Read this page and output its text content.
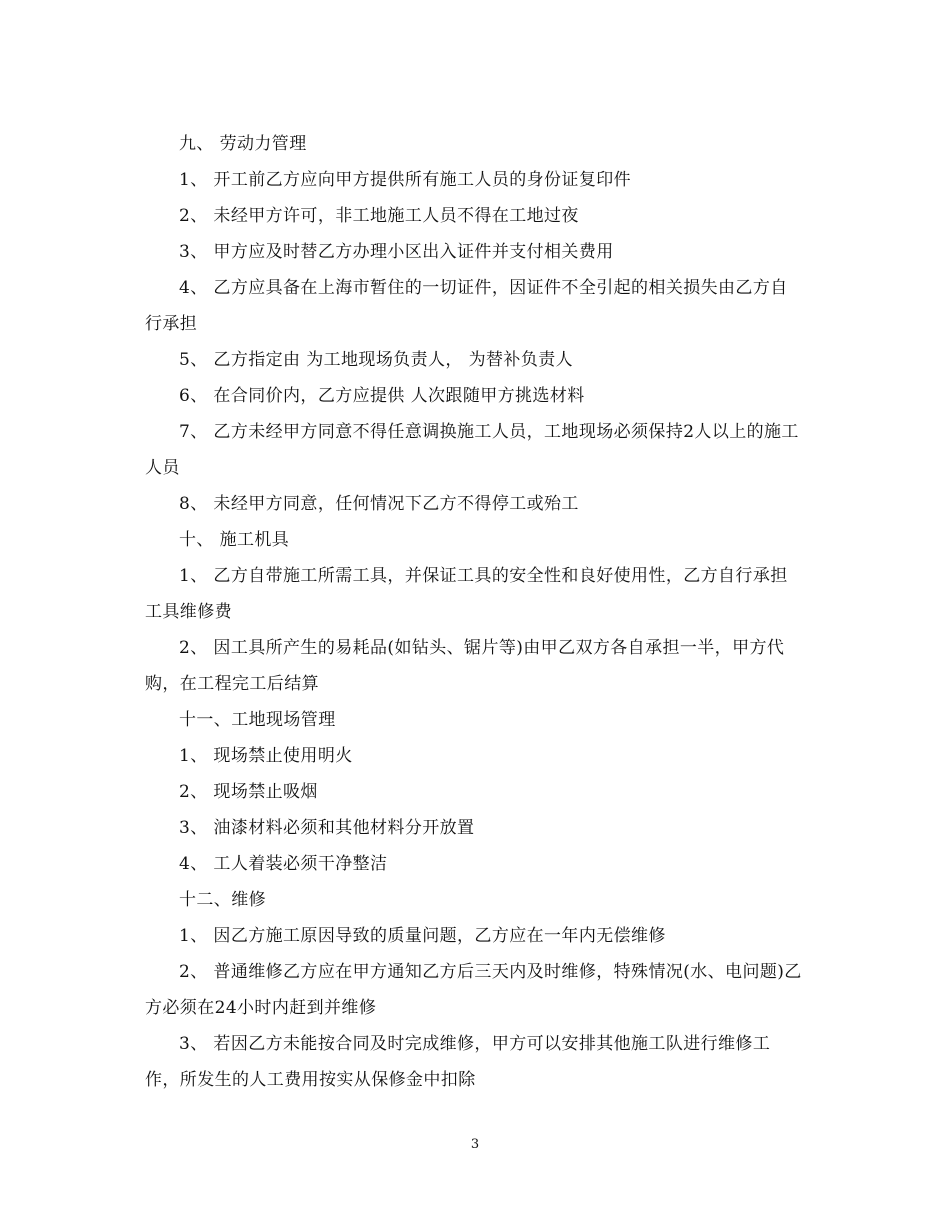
九、 劳动力管理

1、 开工前乙方应向甲方提供所有施工人员的身份证复印件

2、 未经甲方许可，非工地施工人员不得在工地过夜

3、 甲方应及时替乙方办理小区出入证件并支付相关费用

4、 乙方应具备在上海市暂住的一切证件，因证件不全引起的相关损失由乙方自行承担

5、 乙方指定由 为工地现场负责人， 为替补负责人

6、 在合同价内，乙方应提供 人次跟随甲方挑选材料

7、 乙方未经甲方同意不得任意调换施工人员，工地现场必须保持2人以上的施工人员

8、 未经甲方同意，任何情况下乙方不得停工或殆工

十、 施工机具

1、 乙方自带施工所需工具，并保证工具的安全性和良好使用性，乙方自行承担工具维修费

2、 因工具所产生的易耗品(如钻头、锯片等)由甲乙双方各自承担一半，甲方代购，在工程完工后结算

十一、工地现场管理

1、 现场禁止使用明火

2、 现场禁止吸烟

3、 油漆材料必须和其他材料分开放置

4、 工人着装必须干净整洁

十二、维修

1、 因乙方施工原因导致的质量问题，乙方应在一年内无偿维修

2、 普通维修乙方应在甲方通知乙方后三天内及时维修，特殊情况(水、电问题)乙方必须在24小时内赶到并维修

3、 若因乙方未能按合同及时完成维修，甲方可以安排其他施工队进行维修工作，所发生的人工费用按实从保修金中扣除

3
